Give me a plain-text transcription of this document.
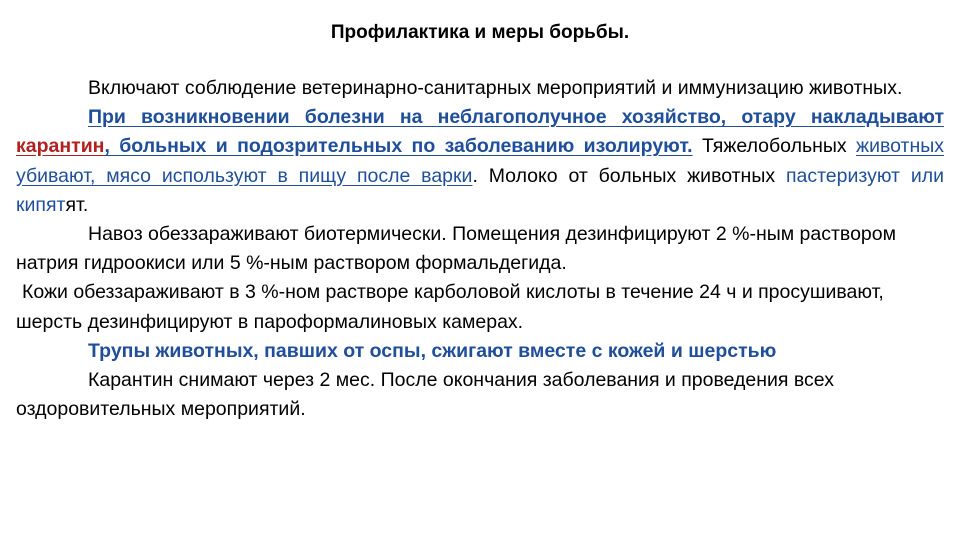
Профилактика и меры борьбы.

Включают соблюдение ветеринарно-санитарных мероприятий и иммунизацию животных.

При возникновении болезни на неблагополучное хозяйство, отару накладывают карантин, больных и подозрительных по заболеванию изолируют. Тяжелобольных животных убивают, мясо используют в пищу после варки. Молоко от больных животных пастеризуют или кипятят.

Навоз обеззараживают биотермически. Помещения дезинфицируют 2 %-ным раствором натрия гидроокиси или 5 %-ным раствором формальдегида.

Кожи обеззараживают в 3 %-ном растворе карболовой кислоты в течение 24 ч и просушивают, шерсть дезинфицируют в пароформалиновых камерах.

Трупы животных, павших от оспы, сжигают вместе с кожей и шерстью

Карантин снимают через 2 мес. После окончания заболевания и проведения всех оздоровительных мероприятий.
